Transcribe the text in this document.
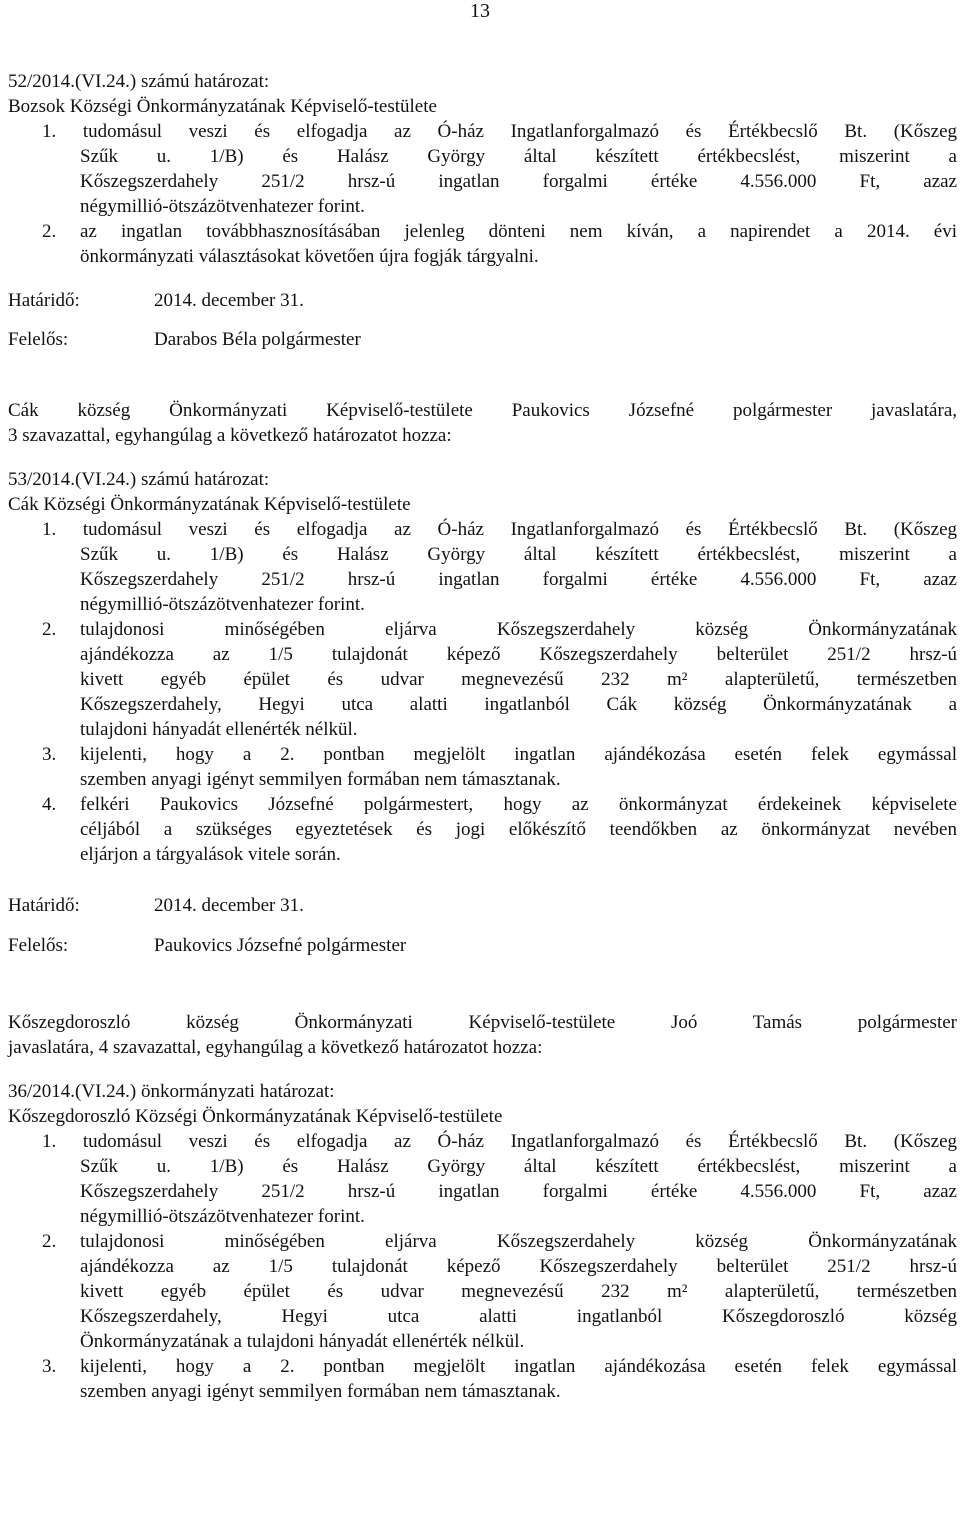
13
52/2014.(VI.24.) számú határozat:
Bozsok Községi Önkormányzatának Képviselő-testülete
1. tudomásul veszi és elfogadja az Ó-ház Ingatlanforgalmazó és Értékbecslő Bt. (Kőszeg
Szűk u. 1/B) és Halász György által készített értékbecslést, miszerint a
Kőszegszerdahely 251/2 hrsz-ú ingatlan forgalmi értéke 4.556.000 Ft, azaz
négymillió-ötszázötvenhatezer forint.
2. az ingatlan továbbhasznosításában jelenleg dönteni nem kíván, a napirendet a 2014. évi
önkormányzati választásokat követően újra fogják tárgyalni.
Határidő:	2014. december 31.
Felelős:	Darabos Béla polgármester
Cák község Önkormányzati Képviselő-testülete Paukovics Józsefné polgármester javaslatára,
3 szavazattal, egyhangúlag a következő határozatot hozza:
53/2014.(VI.24.) számú határozat:
Cák Községi Önkormányzatának Képviselő-testülete
1. tudomásul veszi és elfogadja az Ó-ház Ingatlanforgalmazó és Értékbecslő Bt. (Kőszeg
Szűk u. 1/B) és Halász György által készített értékbecslést, miszerint a
Kőszegszerdahely 251/2 hrsz-ú ingatlan forgalmi értéke 4.556.000 Ft, azaz
négymillió-ötszázötvenhatezer forint.
2. tulajdonosi minőségében eljárva Kőszegszerdahely község Önkormányzatának
ajándékozza az 1/5 tulajdonát képező Kőszegszerdahely belterület 251/2 hrsz-ú
kivett egyéb épület és udvar megnevezésű 232 m² alapterületű, természetben
Kőszegszerdahely, Hegyi utca alatti ingatlanból Cák község Önkormányzatának a
tulajdoni hányadát ellenérték nélkül.
3. kijelenti, hogy a 2. pontban megjelölt ingatlan ajándékozása esetén felek egymással
szemben anyagi igényt semmilyen formában nem támasztanak.
4. felkéri Paukovics Józsefné polgármestert, hogy az önkormányzat érdekeinek képviselete
céljából a szükséges egyeztetések és jogi előkészítő teendőkben az önkormányzat nevében
eljárjon a tárgyalások vitele során.
Határidő:	2014. december 31.
Felelős:	Paukovics Józsefné polgármester
Kőszegdoroszló község Önkormányzati Képviselő-testülete Joó Tamás polgármester
javaslatára, 4 szavazattal, egyhangúlag a következő határozatot hozza:
36/2014.(VI.24.) önkormányzati határozat:
Kőszegdoroszló Községi Önkormányzatának Képviselő-testülete
1. tudomásul veszi és elfogadja az Ó-ház Ingatlanforgalmazó és Értékbecslő Bt. (Kőszeg
Szűk u. 1/B) és Halász György által készített értékbecslést, miszerint a
Kőszegszerdahely 251/2 hrsz-ú ingatlan forgalmi értéke 4.556.000 Ft, azaz
négymillió-ötszázötvenhatezer forint.
2. tulajdonosi minőségében eljárva Kőszegszerdahely község Önkormányzatának
ajándékozza az 1/5 tulajdonát képező Kőszegszerdahely belterület 251/2 hrsz-ú
kivett egyéb épület és udvar megnevezésű 232 m² alapterületű, természetben
Kőszegszerdahely, Hegyi utca alatti ingatlanból Kőszegdoroszló község
Önkormányzatának a tulajdoni hányadát ellenérték nélkül.
3. kijelenti, hogy a 2. pontban megjelölt ingatlan ajándékozása esetén felek egymással
szemben anyagi igényt semmilyen formában nem támasztanak.
